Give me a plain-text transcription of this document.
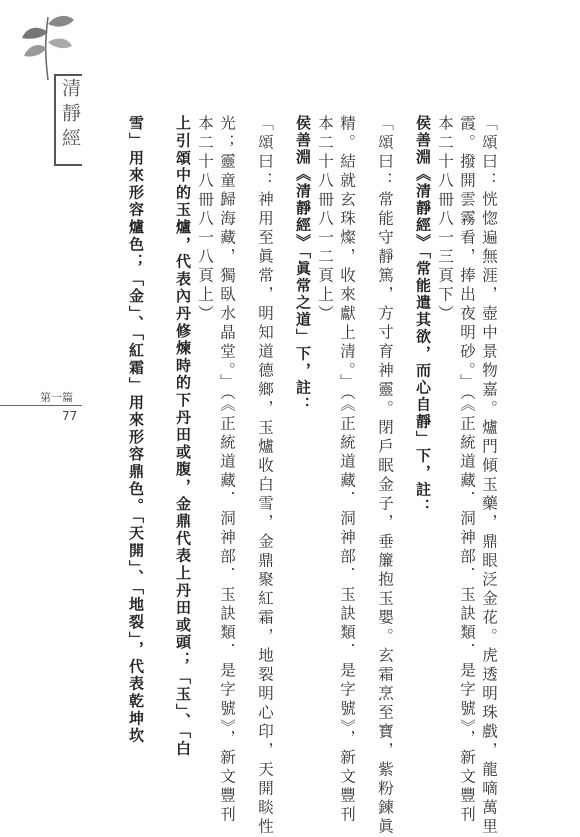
清靜經
第一篇
77	「頌曰：恍惚遍無涯，壺中景物嘉。爐門傾玉藥，鼎眼泛金花。虎透明珠戲，龍嘀萬里
霞。撥開雲霧看，捧出夜明砂。」（《正統道藏．洞神部．玉訣類．是字號》，新文豐刊
本二十八冊八一三頁下）
侯善淵《清靜經》「常能遣其欲，而心自靜」下，註：
「頌曰：常能守靜篤，方寸育神靈。閉戶眠金子，垂簾抱玉嬰。玄霜烹至寶，紫粉鍊眞
精。結就玄珠燦，收來獻上清。」（《正統道藏．洞神部．玉訣類．是字號》，新文豐刊
本二十八冊八一二頁上）
侯善淵《清靜經》「眞常之道」下，註：
「頌曰：神用至眞常，明知道德鄉，玉爐收白雪，金鼎聚紅霜，地裂明心印，天開睒性
光；靈童歸海藏，獨臥水晶堂。」（《正統道藏．洞神部．玉訣類．是字號》，新文豐刊
本二十八冊八一八頁上）
上引頌中的玉爐，代表內丹修煉時的下丹田或腹，金鼎代表上丹田或頭；「玉」、「白
雪」用來形容爐色；「金」、「紅霜」用來形容鼎色。「天開」、「地裂」，代表乾坤坎
